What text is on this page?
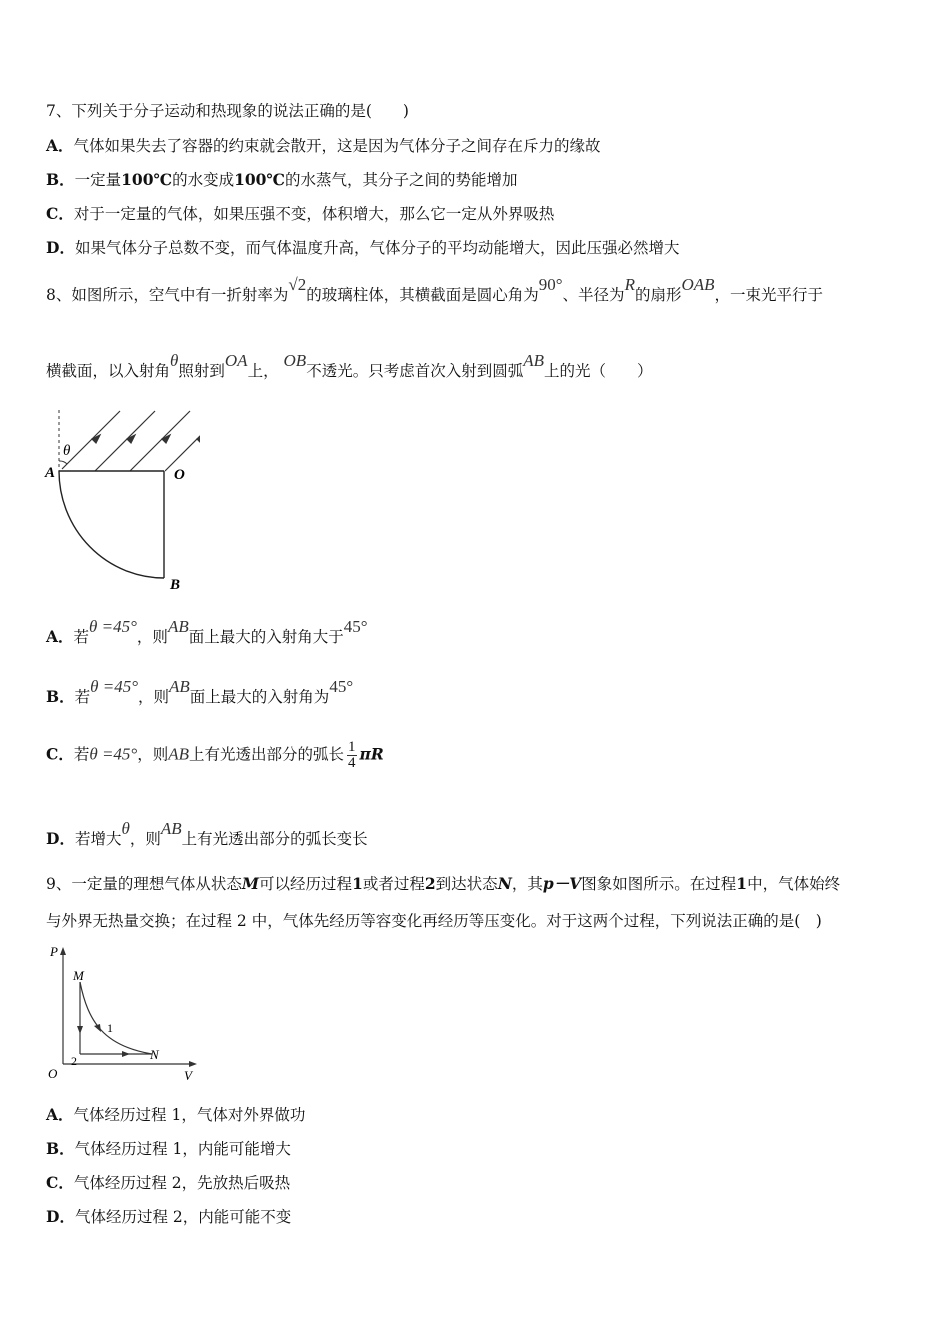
7、下列关于分子运动和热现象的说法正确的是(　　)
A．气体如果失去了容器的约束就会散开，这是因为气体分子之间存在斥力的缘故
B．一定量100℃的水变成100℃的水蒸气，其分子之间的势能增加
C．对于一定量的气体，如果压强不变，体积增大，那么它一定从外界吸热
D．如果气体分子总数不变，而气体温度升高，气体分子的平均动能增大，因此压强必然增大
8、如图所示，空气中有一折射率为√2的玻璃柱体，其横截面是圆心角为90°、半径为R的扇形OAB，一束光平行于
横截面，以入射角θ照射到OA上， OB不透光。只考虑首次入射到圆弧AB上的光（　　）
θ
A	O
B
A．若θ =45°，则AB面上最大的入射角大于45°
B．若θ =45°，则AB面上最大的入射角为45°
C．若θ =45°，则AB上有光透出部分的弧长 $\frac{1}{4}$ πR
D．若增大θ，则AB上有光透出部分的弧长变长
9、一定量的理想气体从状态M可以经历过程1或者过程2到达状态N，其p－V图象如图所示。在过程1中，气体始终
与外界无热量交换；在过程 2 中，气体先经历等容变化再经历等压变化。对于这两个过程，下列说法正确的是(　)
P
V
O
M
N
1
2
A．气体经历过程 1，气体对外界做功
B．气体经历过程 1，内能可能增大
C．气体经历过程 2，先放热后吸热
D．气体经历过程 2，内能可能不变
